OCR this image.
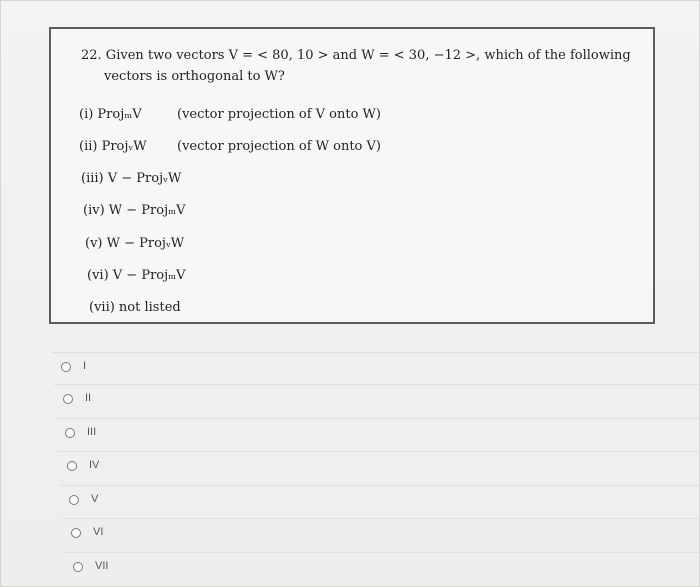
22. Given two vectors V = < 80, 10 > and W = < 30, −12 >, which of the following
vectors is orthogonal to W?
(i) ProjₘV	(vector projection of V onto W)
(ii) ProjᵥW (vector projection of W onto V)
(iii) V − ProjᵥW
(iv) W − ProjₘV
(v) W − ProjᵥW
(vi) V − ProjₘV
(vii) not listed
I
II
III
IV
V
VI
VII
